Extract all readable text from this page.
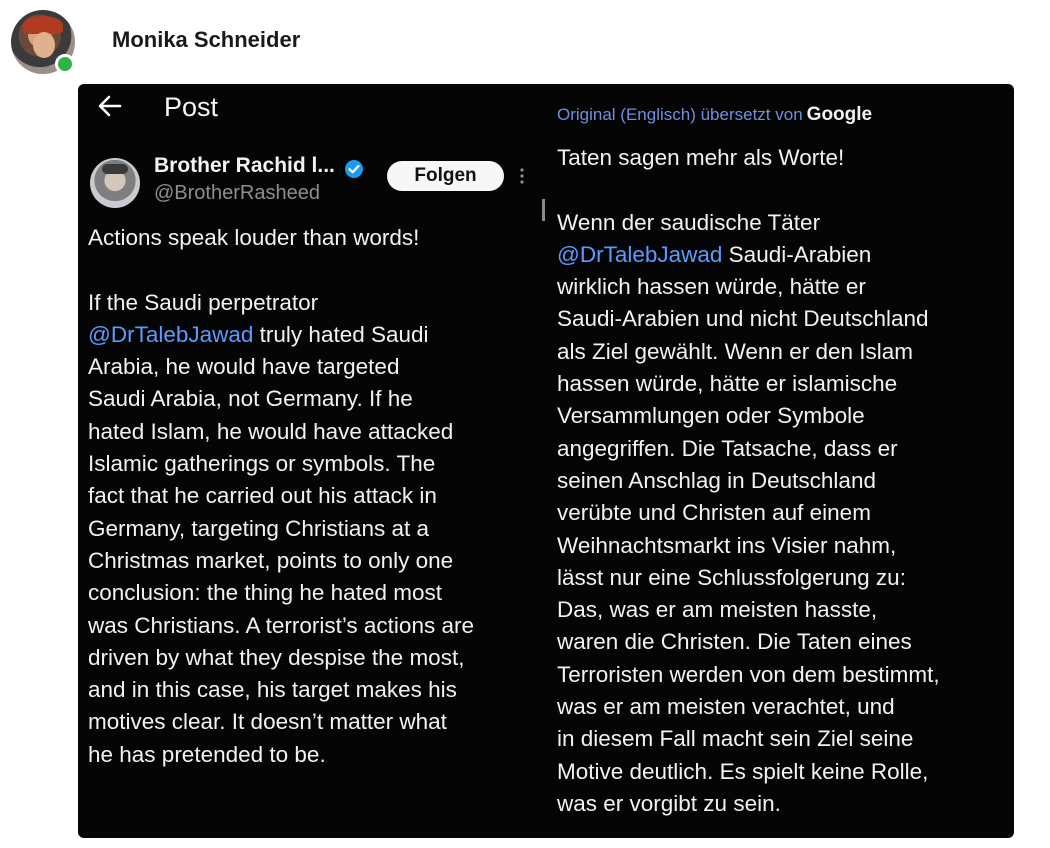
Monika Schneider
Post
Brother Rachid l...
@BrotherRasheed
Folgen
Actions speak louder than words!

If the Saudi perpetrator
@DrTalebJawad truly hated Saudi
Arabia, he would have targeted
Saudi Arabia, not Germany. If he
hated Islam, he would have attacked
Islamic gatherings or symbols. The
fact that he carried out his attack in
Germany, targeting Christians at a
Christmas market, points to only one
conclusion: the thing he hated most
was Christians. A terrorist’s actions are
driven by what they despise the most,
and in this case, his target makes his
motives clear. It doesn’t matter what
he has pretended to be.
Original (Englisch) übersetzt von Google
Taten sagen mehr als Worte!

Wenn der saudische Täter
@DrTalebJawad Saudi-Arabien
wirklich hassen würde, hätte er
Saudi-Arabien und nicht Deutschland
als Ziel gewählt. Wenn er den Islam
hassen würde, hätte er islamische
Versammlungen oder Symbole
angegriffen. Die Tatsache, dass er
seinen Anschlag in Deutschland
verübte und Christen auf einem
Weihnachtsmarkt ins Visier nahm,
lässt nur eine Schlussfolgerung zu:
Das, was er am meisten hasste,
waren die Christen. Die Taten eines
Terroristen werden von dem bestimmt,
was er am meisten verachtet, und
in diesem Fall macht sein Ziel seine
Motive deutlich. Es spielt keine Rolle,
was er vorgibt zu sein.
